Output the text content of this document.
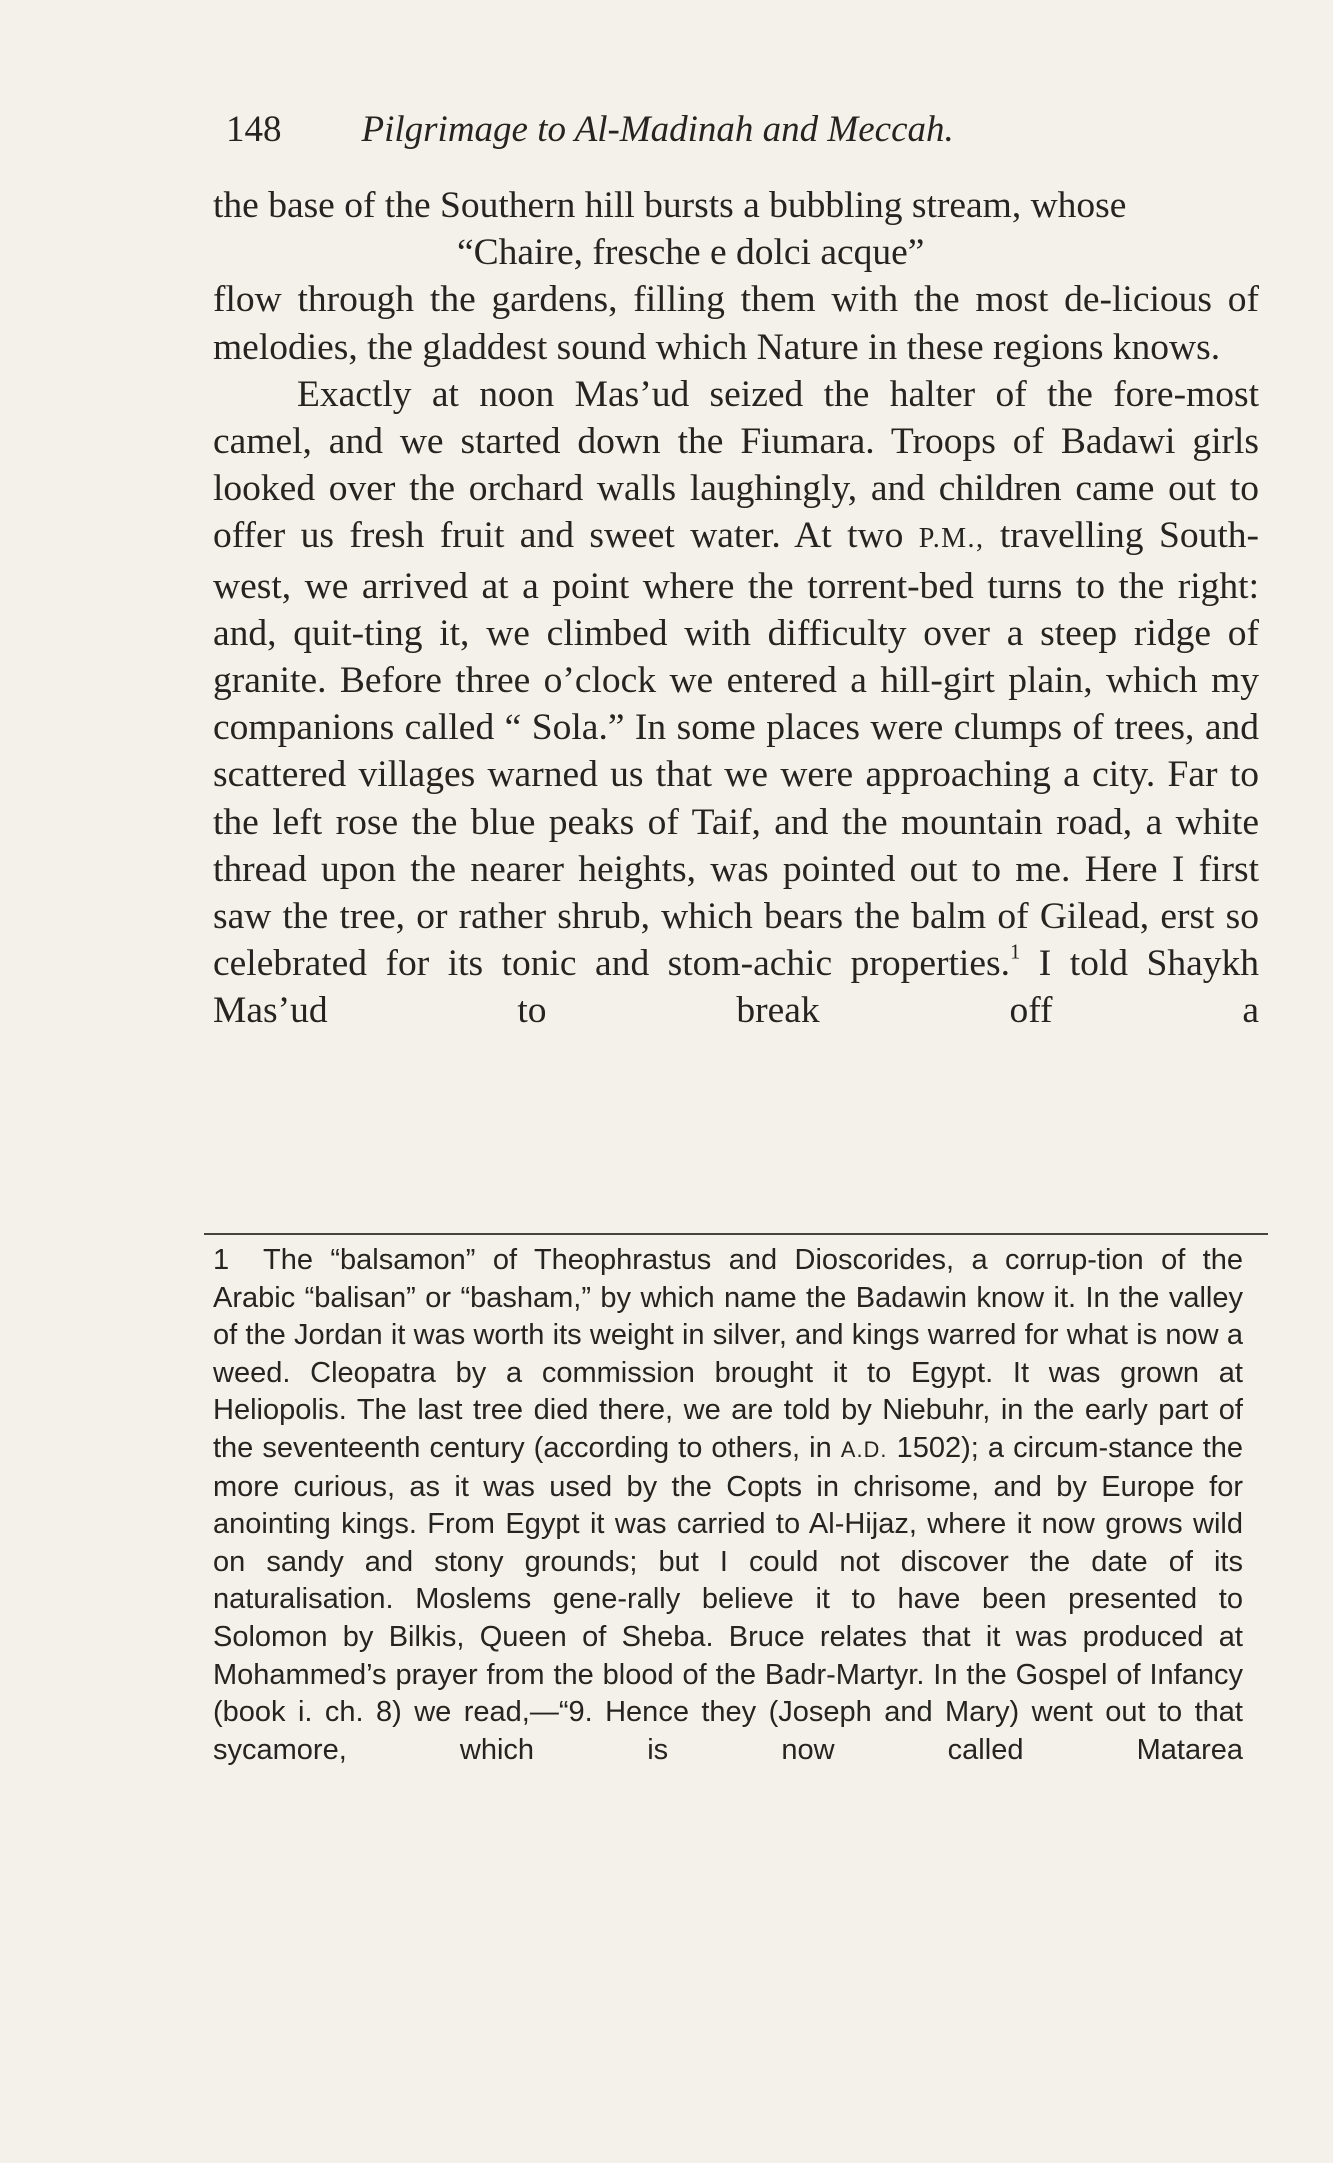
148 Pilgrimage to Al-Madinah and Meccah.

the base of the Southern hill bursts a bubbling stream, whose

“Chaire, fresche e dolci acque”

flow through the gardens, filling them with the most de-licious of melodies, the gladdest sound which Nature in these regions knows.

Exactly at noon Mas’ud seized the halter of the fore-most camel, and we started down the Fiumara. Troops of Badawi girls looked over the orchard walls laughingly, and children came out to offer us fresh fruit and sweet water. At two P.M., travelling South-west, we arrived at a point where the torrent-bed turns to the right: and, quit-ting it, we climbed with difficulty over a steep ridge of granite. Before three o’clock we entered a hill-girt plain, which my companions called “ Sola.” In some places were clumps of trees, and scattered villages warned us that we were approaching a city. Far to the left rose the blue peaks of Taif, and the mountain road, a white thread upon the nearer heights, was pointed out to me. Here I first saw the tree, or rather shrub, which bears the balm of Gilead, erst so celebrated for its tonic and stom-achic properties.$^1$ I told Shaykh Mas’ud to break off a

1 The “balsamon” of Theophrastus and Dioscorides, a corrup-tion of the Arabic “balisan” or “basham,” by which name the Badawin know it. In the valley of the Jordan it was worth its weight in silver, and kings warred for what is now a weed. Cleopatra by a commission brought it to Egypt. It was grown at Heliopolis. The last tree died there, we are told by Niebuhr, in the early part of the seventeenth century (according to others, in A.D. 1502); a circum-stance the more curious, as it was used by the Copts in chrisome, and by Europe for anointing kings. From Egypt it was carried to Al-Hijaz, where it now grows wild on sandy and stony grounds; but I could not discover the date of its naturalisation. Moslems gene-rally believe it to have been presented to Solomon by Bilkis, Queen of Sheba. Bruce relates that it was produced at Mohammed’s prayer from the blood of the Badr-Martyr. In the Gospel of Infancy (book i. ch. 8) we read,—“9. Hence they (Joseph and Mary) went out to that sycamore, which is now called Matarea
